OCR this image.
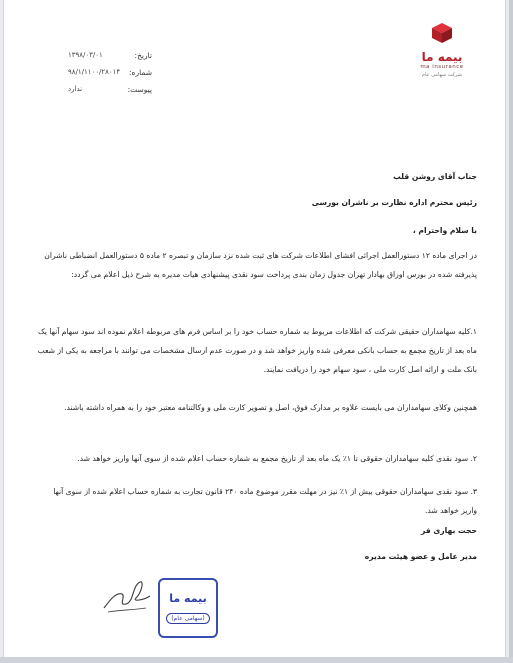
بیمه ما
ma insurance
شرکت سهامی عام
تاریخ:
۱۳۹۸/۰۳/۰۱
شماره:
۹۸/۱/۱۱۰۰/۲۸۰۱۴
پیوست:
ندارد
جناب آقای روشن قلب
رئیس محترم اداره نظارت بر ناشران بورسی
با سلام واحترام ،
در اجرای ماده ۱۲ دستورالعمل اجرائی افشای اطلاعات شرکت های ثبت شده نزد سازمان و تبصره ۲ ماده ۵ دستورالعمل انضباطی ناشران پذیرفته شده در بورس اوراق بهادار تهران جدول زمان بندی پرداخت سود نقدی پیشنهادی هیات مدیره به شرح ذیل اعلام می گردد:
۱.کلیه سهامداران حقیقی شرکت که اطلاعات مربوط به شماره حساب خود را بر اساس فرم های مربوطه اعلام نموده اند سود سهام آنها یک ماه بعد از تاریخ مجمع به حساب بانکی معرفی شده واریز خواهد شد و در صورت عدم ارسال مشخصات می توانند با مراجعه به یکی از شعب بانک ملت و ارائه اصل کارت ملی ، سود سهام خود را دریافت نمایند.
همچنین وکلای سهامداران می بایست علاوه بر مدارک فوق، اصل و تصویر کارت ملی و وکالتنامه معتبر خود را به همراه داشته باشند.
۲. سود نقدی کلیه سهامداران حقوقی تا ۱٪ یک ماه بعد از تاریخ مجمع به شماره حساب اعلام شده از سوی آنها واریز خواهد شد.
۳. سود نقدی سهامداران حقوقی بیش از ۱٪ نیز در مهلت مقرر موضوع ماده ۲۴۰ قانون تجارت به شماره حساب اعلام شده از سوی آنها واریز خواهد شد.
حجت بهاری فر
مدیر عامل و عضو هیئت مدیره
بیمه ما
(سهامی عام)
